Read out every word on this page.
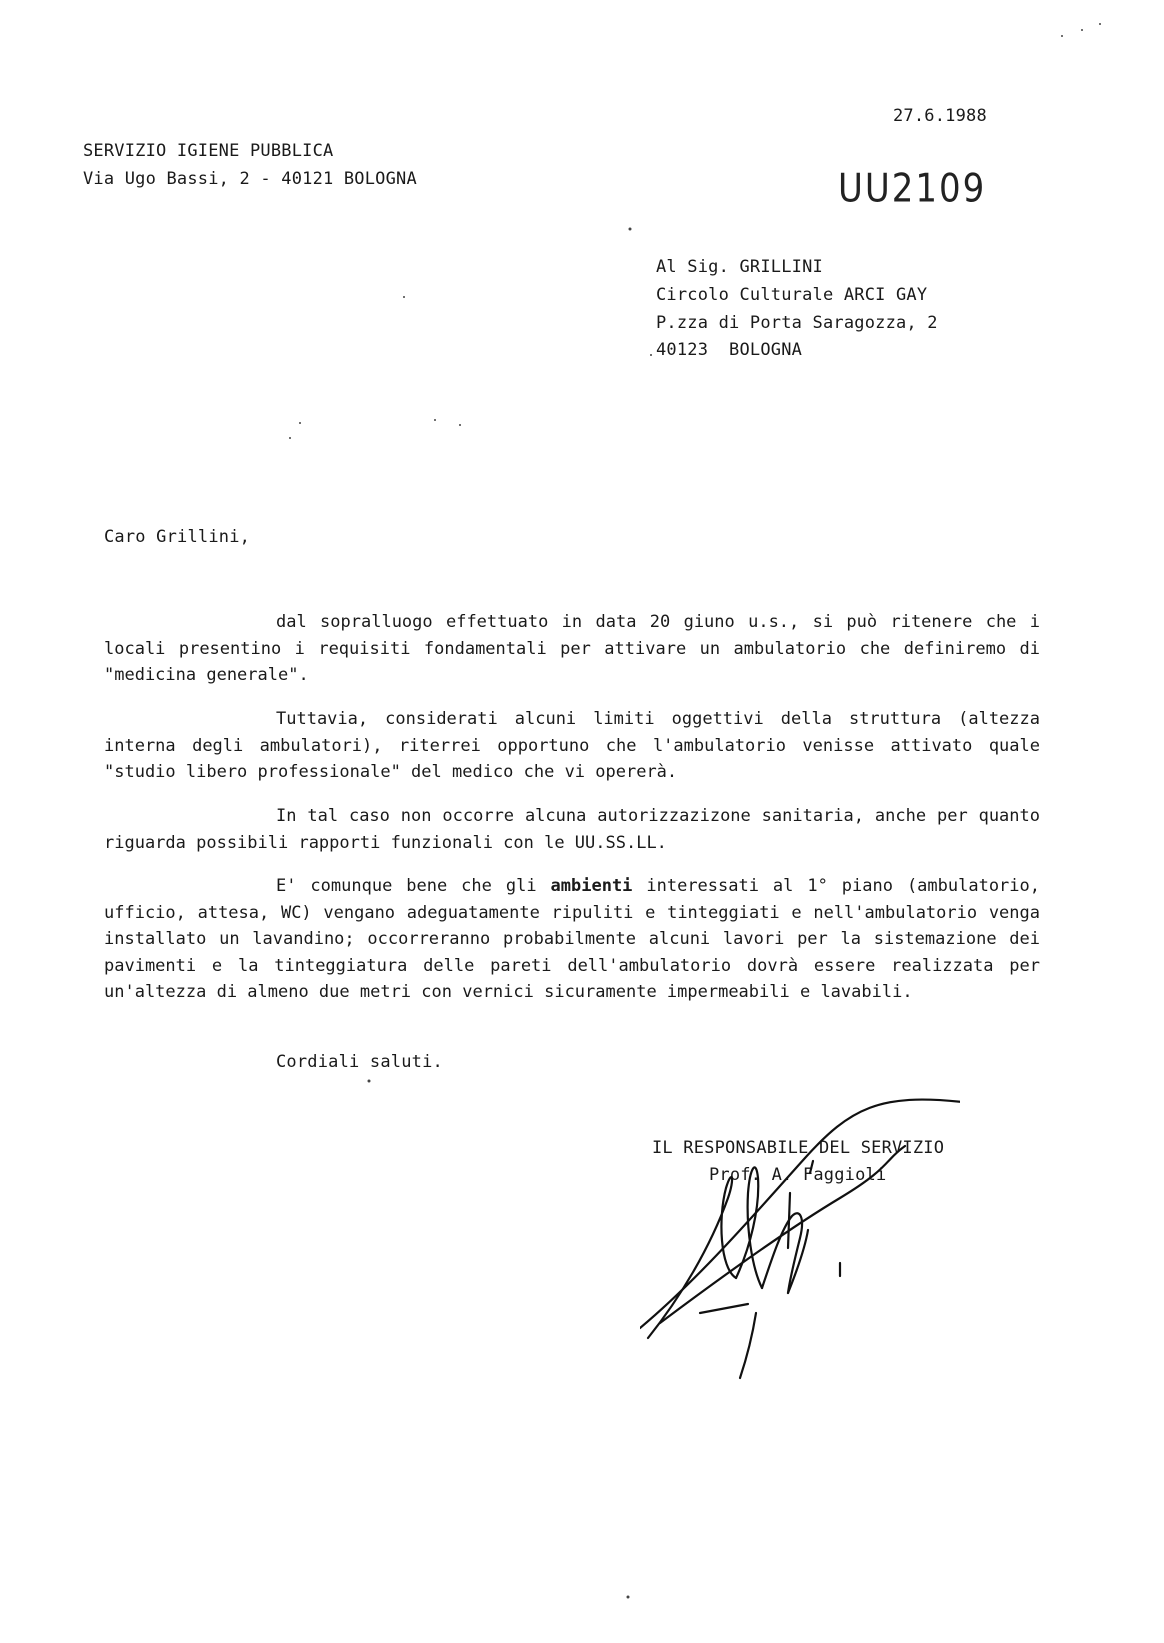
27.6.1988
SERVIZIO IGIENE PUBBLICA
Via Ugo Bassi, 2 - 40121 BOLOGNA	UU2109
Al Sig. GRILLINI
Circolo Culturale ARCI GAY
P.zza di Porta Saragozza, 2
40123  BOLOGNA
Caro Grillini,
dal sopralluogo effettuato in data 20 giuno u.s., si può ritenere che i locali presentino i requisiti fondamentali per attivare un ambulatorio che definiremo di "medicina generale".
Tuttavia, considerati alcuni limiti oggettivi della struttura (altezza interna degli ambulatori), riterrei opportuno che l'ambulatorio venisse attivato quale "studio libero professionale" del medico che vi opererà.
In tal caso non occorre alcuna autorizzazizone sanitaria, anche per quanto riguarda possibili rapporti funzionali con le UU.SS.LL.
E' comunque bene che gli ambienti interessati al 1° piano (ambulatorio, ufficio, attesa, WC) vengano adeguatamente ripuliti e tinteggiati e nell'ambulatorio venga installato un lavandino; occorreranno probabilmente alcuni lavori per la sistemazione dei pavimenti e la tinteggiatura delle pareti dell'ambulatorio dovrà essere realizzata per un'altezza di almeno due metri con vernici sicuramente impermeabili e lavabili.
Cordiali saluti.
IL RESPONSABILE DEL SERVIZIO
Prof. A. Faggioli
